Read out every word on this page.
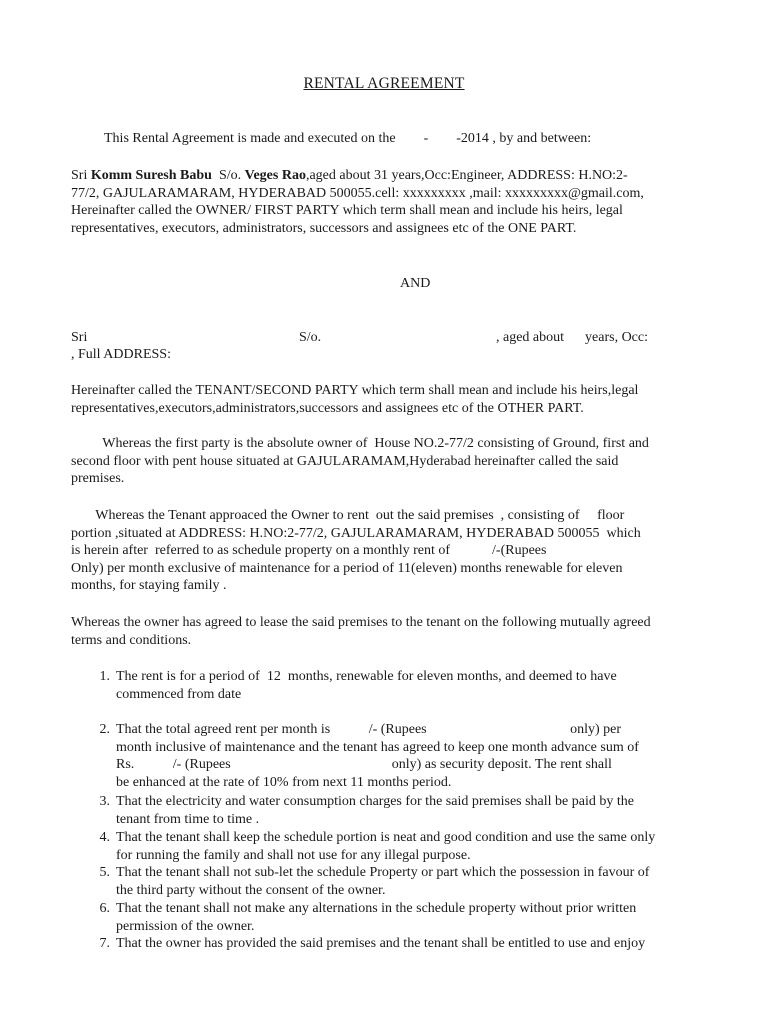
RENTAL AGREEMENT

This Rental Agreement is made and executed on the        -        -2014 , by and between:

Sri Komm Suresh Babu  S/o. Veges Rao,aged about 31 years,Occ:Engineer, ADDRESS: H.NO:2-

77/2, GAJULARAMARAM, HYDERABAD 500055.cell: xxxxxxxxx ,mail: xxxxxxxxx@gmail.com,

Hereinafter called the OWNER/ FIRST PARTY which term shall mean and include his heirs, legal

representatives, executors, administrators, successors and assignees etc of the ONE PART.

AND
Sri	S/o.	, aged about      years, Occ:
, Full ADDRESS:

Hereinafter called the TENANT/SECOND PARTY which term shall mean and include his heirs,legal

representatives,executors,administrators,successors and assignees etc of the OTHER PART.

Whereas the first party is the absolute owner of  House NO.2-77/2 consisting of Ground, first and

second floor with pent house situated at GAJULARAMAM,Hyderabad hereinafter called the said

premises.

Whereas the Tenant approaced the Owner to rent  out the said premises  , consisting of     floor

portion ,situated at ADDRESS: H.NO:2-77/2, GAJULARAMARAM, HYDERABAD 500055  which

is herein after  referred to as schedule property on a monthly rent of            /-(Rupees

Only) per month exclusive of maintenance for a period of 11(eleven) months renewable for eleven

months, for staying family .

Whereas the owner has agreed to lease the said premises to the tenant on the following mutually agreed

terms and conditions.

1. The rent is for a period of  12  months, renewable for eleven months, and deemed to have

commenced from date

2. That the total agreed rent per month is           /- (Rupees                                         only) per

month inclusive of maintenance and the tenant has agreed to keep one month advance sum of

Rs.           /- (Rupees                                              only) as security deposit. The rent shall

be enhanced at the rate of 10% from next 11 months period.

3. That the electricity and water consumption charges for the said premises shall be paid by the

tenant from time to time .

4. That the tenant shall keep the schedule portion is neat and good condition and use the same only

for running the family and shall not use for any illegal purpose.

5. That the tenant shall not sub-let the schedule Property or part which the possession in favour of

the third party without the consent of the owner.

6. That the tenant shall not make any alternations in the schedule property without prior written

permission of the owner.

7. That the owner has provided the said premises and the tenant shall be entitled to use and enjoy
